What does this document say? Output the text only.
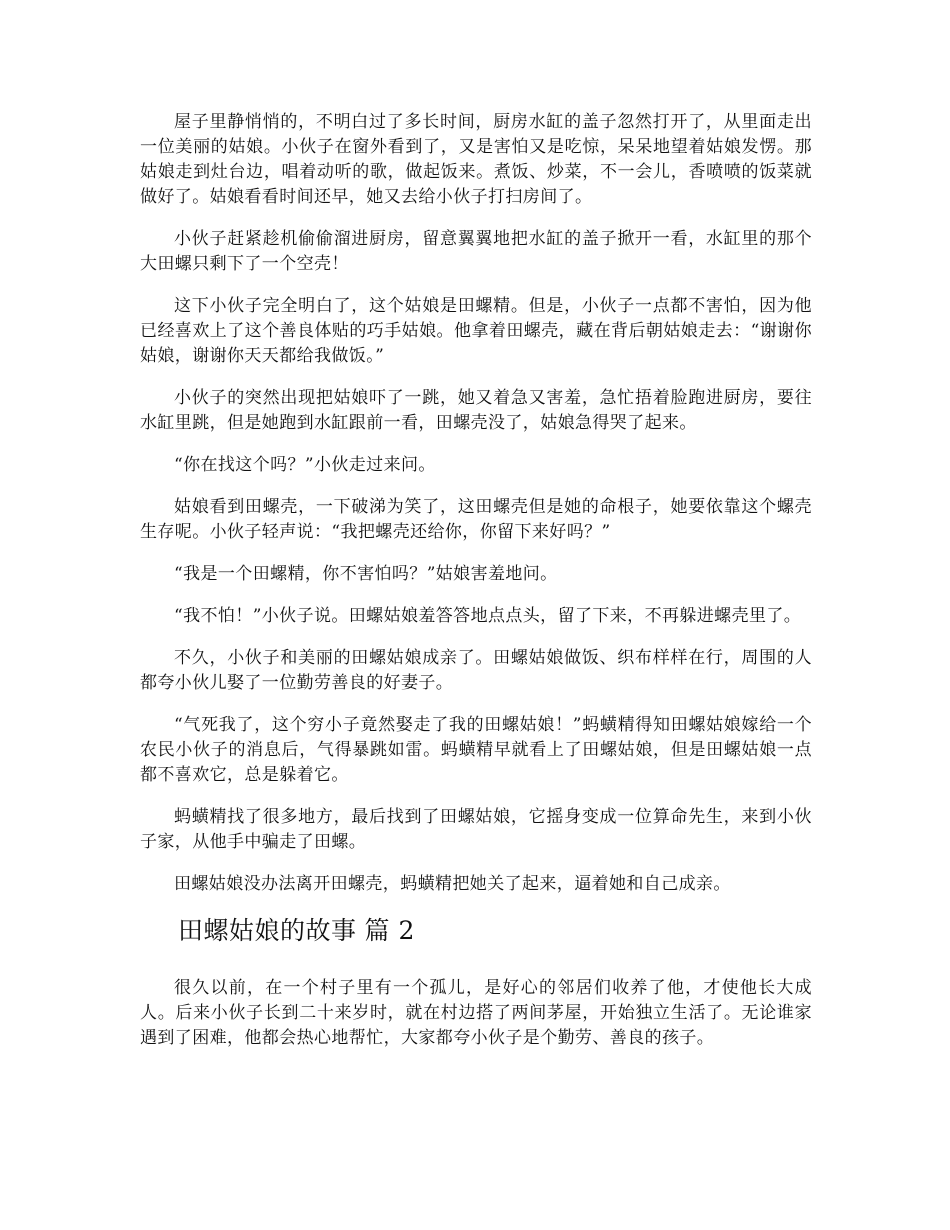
屋子里静悄悄的，不明白过了多长时间，厨房水缸的盖子忽然打开了，从里面走出一位美丽的姑娘。小伙子在窗外看到了，又是害怕又是吃惊，呆呆地望着姑娘发愣。那姑娘走到灶台边，唱着动听的歌，做起饭来。煮饭、炒菜，不一会儿，香喷喷的饭菜就做好了。姑娘看看时间还早，她又去给小伙子打扫房间了。

小伙子赶紧趁机偷偷溜进厨房，留意翼翼地把水缸的盖子掀开一看，水缸里的那个大田螺只剩下了一个空壳！

这下小伙子完全明白了，这个姑娘是田螺精。但是，小伙子一点都不害怕，因为他已经喜欢上了这个善良体贴的巧手姑娘。他拿着田螺壳，藏在背后朝姑娘走去：“谢谢你姑娘，谢谢你天天都给我做饭。”

小伙子的突然出现把姑娘吓了一跳，她又着急又害羞，急忙捂着脸跑进厨房，要往水缸里跳，但是她跑到水缸跟前一看，田螺壳没了，姑娘急得哭了起来。

“你在找这个吗？”小伙走过来问。

姑娘看到田螺壳，一下破涕为笑了，这田螺壳但是她的命根子，她要依靠这个螺壳生存呢。小伙子轻声说：“我把螺壳还给你，你留下来好吗？”

“我是一个田螺精，你不害怕吗？”姑娘害羞地问。

“我不怕！”小伙子说。田螺姑娘羞答答地点点头，留了下来，不再躲进螺壳里了。

不久，小伙子和美丽的田螺姑娘成亲了。田螺姑娘做饭、织布样样在行，周围的人都夸小伙儿娶了一位勤劳善良的好妻子。

“气死我了，这个穷小子竟然娶走了我的田螺姑娘！”蚂蟥精得知田螺姑娘嫁给一个农民小伙子的消息后，气得暴跳如雷。蚂蟥精早就看上了田螺姑娘，但是田螺姑娘一点都不喜欢它，总是躲着它。

蚂蟥精找了很多地方，最后找到了田螺姑娘，它摇身变成一位算命先生，来到小伙子家，从他手中骗走了田螺。

田螺姑娘没办法离开田螺壳，蚂蟥精把她关了起来，逼着她和自己成亲。

田螺姑娘的故事 篇 2

很久以前，在一个村子里有一个孤儿，是好心的邻居们收养了他，才使他长大成人。后来小伙子长到二十来岁时，就在村边搭了两间茅屋，开始独立生活了。无论谁家遇到了困难，他都会热心地帮忙，大家都夸小伙子是个勤劳、善良的孩子。
